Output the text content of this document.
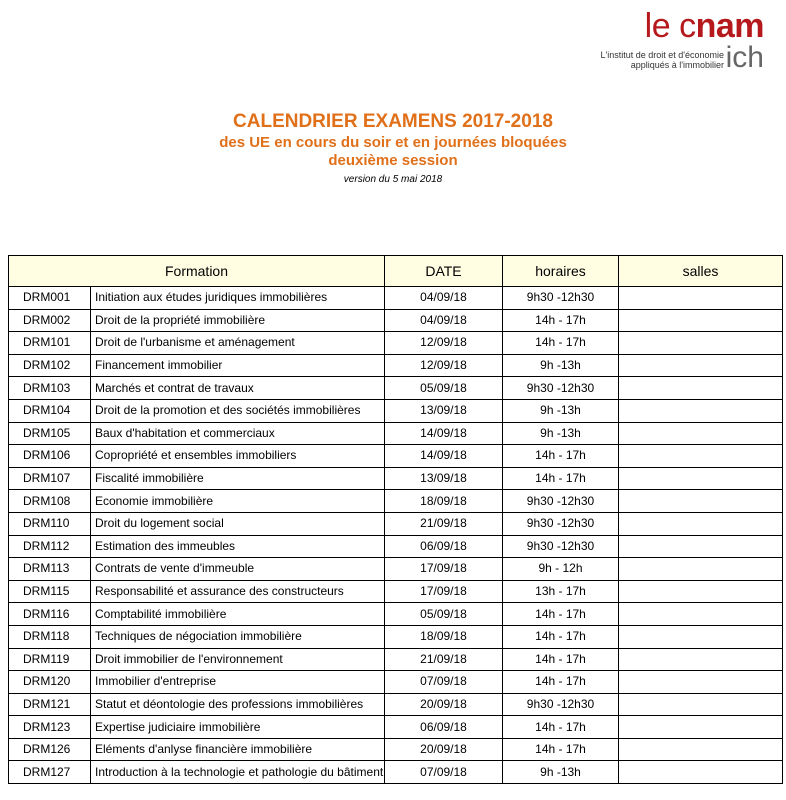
le cnam
L'institut de droit et d'économie
appliqués à l'immobilier ich
CALENDRIER EXAMENS 2017-2018
des UE en cours du soir et en journées bloquées
deuxième session
version du 5 mai 2018
Formation		DATE	horaires	salles
DRM001	Initiation aux études juridiques immobilières	04/09/18	9h30 -12h30	
DRM002	Droit de la propriété immobilière	04/09/18	14h - 17h	
DRM101	Droit de l'urbanisme et aménagement	12/09/18	14h - 17h	
DRM102	Financement immobilier	12/09/18	9h -13h	
DRM103	Marchés et contrat de travaux	05/09/18	9h30 -12h30	
DRM104	Droit de la promotion et des sociétés immobilières	13/09/18	9h -13h	
DRM105	Baux d'habitation et commerciaux	14/09/18	9h -13h	
DRM106	Copropriété et ensembles immobiliers	14/09/18	14h - 17h	
DRM107	Fiscalité immobilière	13/09/18	14h - 17h	
DRM108	Economie immobilière	18/09/18	9h30 -12h30	
DRM110	Droit du logement social	21/09/18	9h30 -12h30	
DRM112	Estimation des immeubles	06/09/18	9h30 -12h30	
DRM113	Contrats de vente d'immeuble	17/09/18	9h - 12h	
DRM115	Responsabilité et assurance des constructeurs	17/09/18	13h - 17h	
DRM116	Comptabilité immobilière	05/09/18	14h - 17h	
DRM118	Techniques de négociation immobilière	18/09/18	14h - 17h	
DRM119	Droit immobilier de l'environnement	21/09/18	14h - 17h	
DRM120	Immobilier d'entreprise	07/09/18	14h - 17h	
DRM121	Statut et déontologie des professions immobilières	20/09/18	9h30 -12h30	
DRM123	Expertise judiciaire immobilière	06/09/18	14h - 17h	
DRM126	Eléments d'anlyse financière immobilière	20/09/18	14h - 17h	
DRM127	Introduction à la technologie et pathologie du bâtiment	07/09/18	9h -13h	
